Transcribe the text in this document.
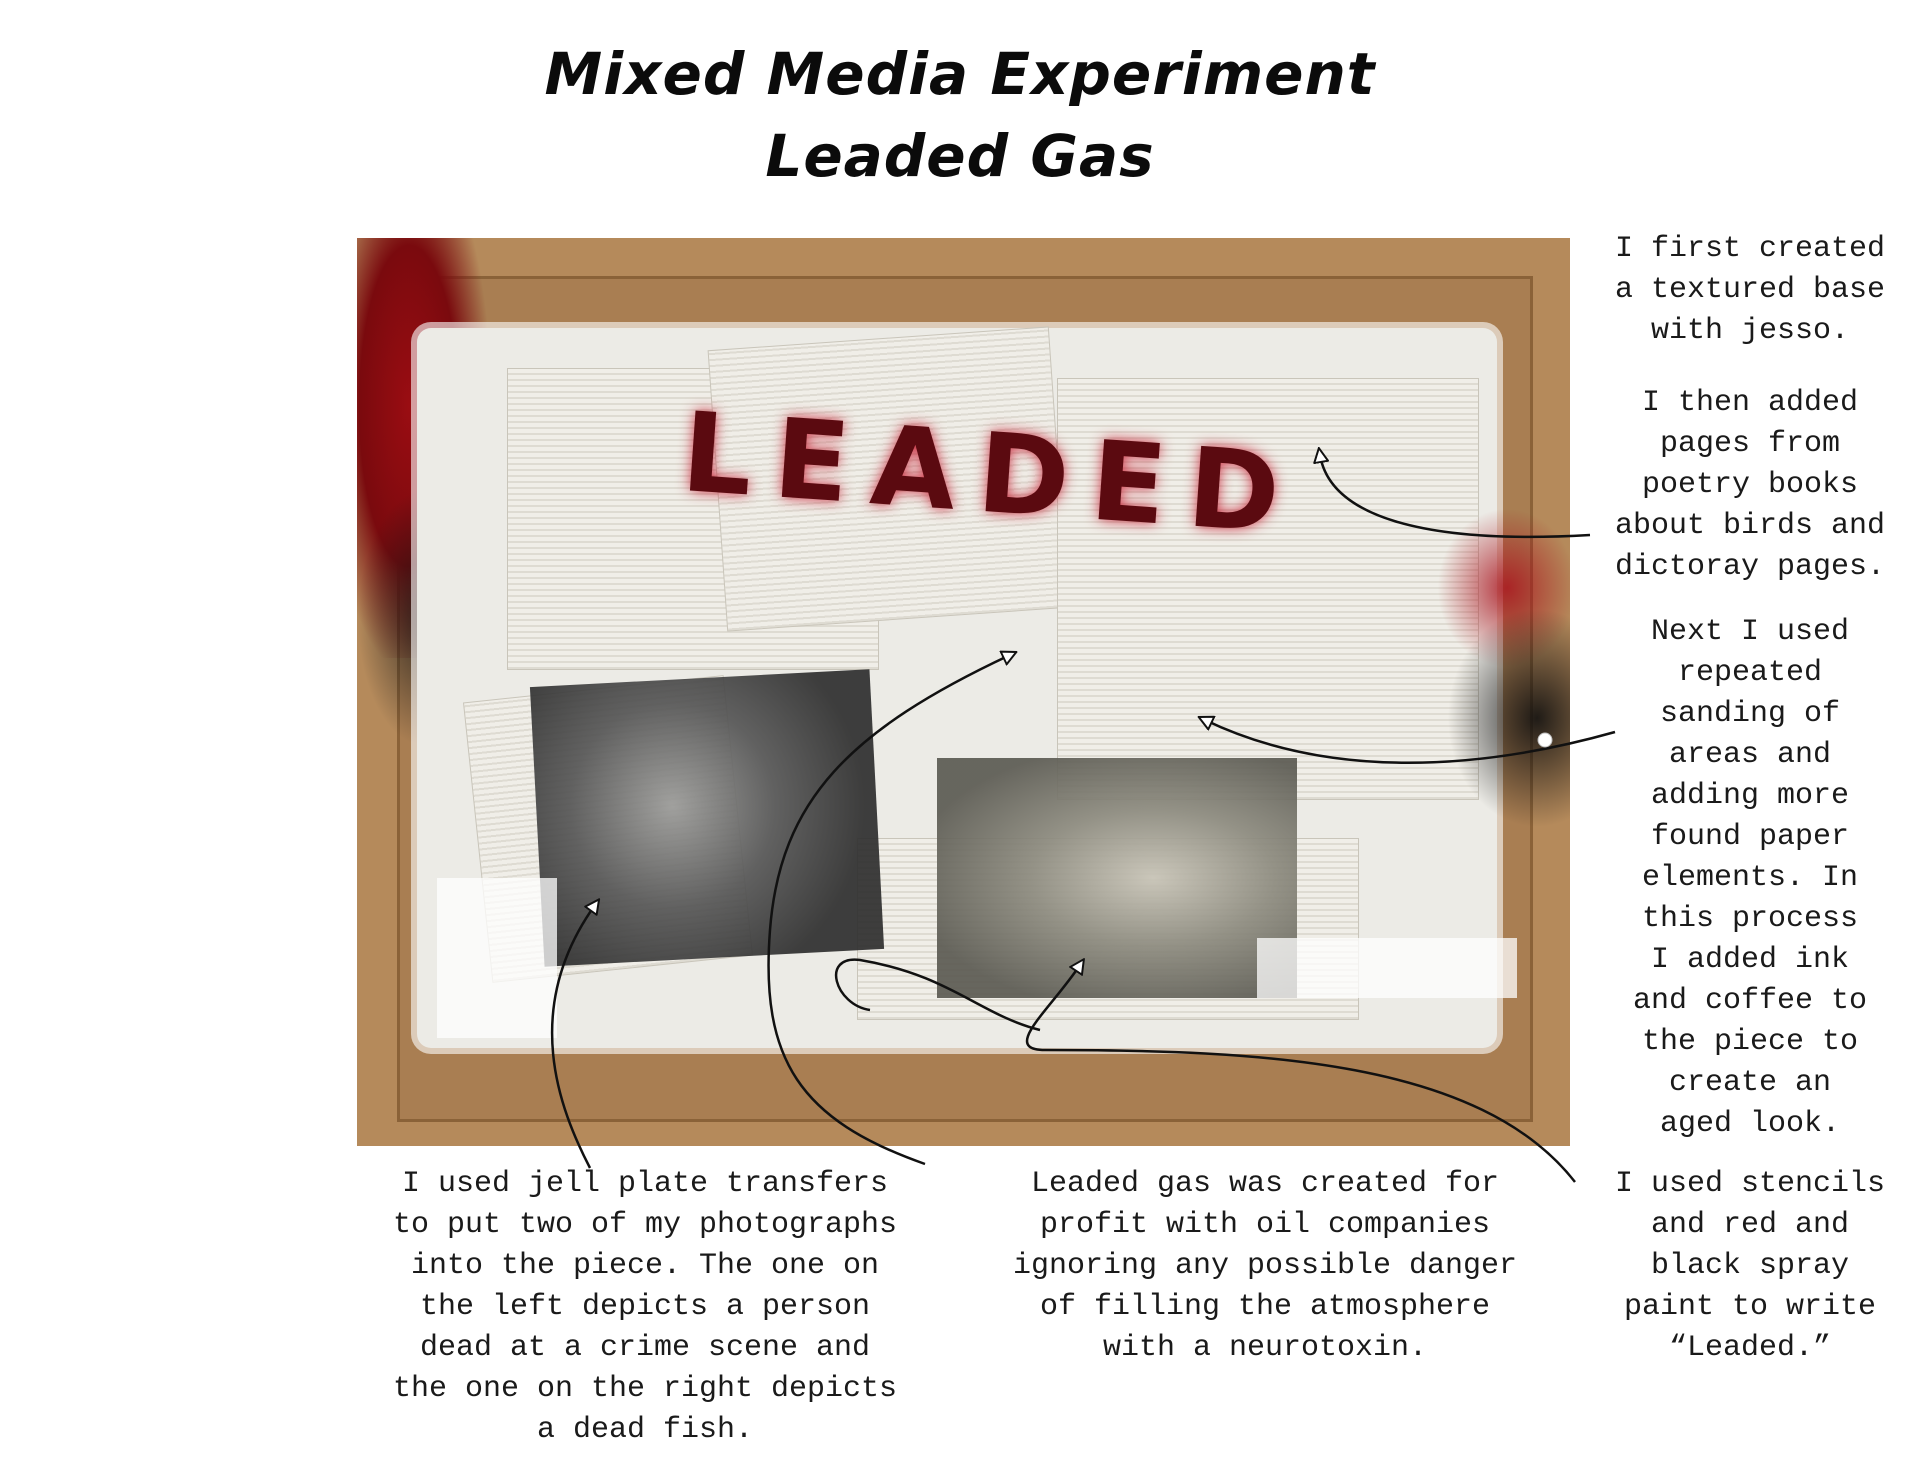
Mixed Media Experiment
Leaded Gas
LEADED

I first created
a textured base
with jesso.

I then added
pages from
poetry books
about birds and
dictoray pages.

Next I used
repeated
sanding of
areas and
adding more
found paper
elements. In
this process
I added ink
and coffee to
the piece to
create an
aged look.

I used jell plate transfers
to put two of my photographs
into the piece. The one on
the left depicts a person
dead at a crime scene and
the one on the right depicts
a dead fish.

Leaded gas was created for
profit with oil companies
ignoring any possible danger
of filling the atmosphere
with a neurotoxin.

I used stencils
and red and
black spray
paint to write
“Leaded.”
